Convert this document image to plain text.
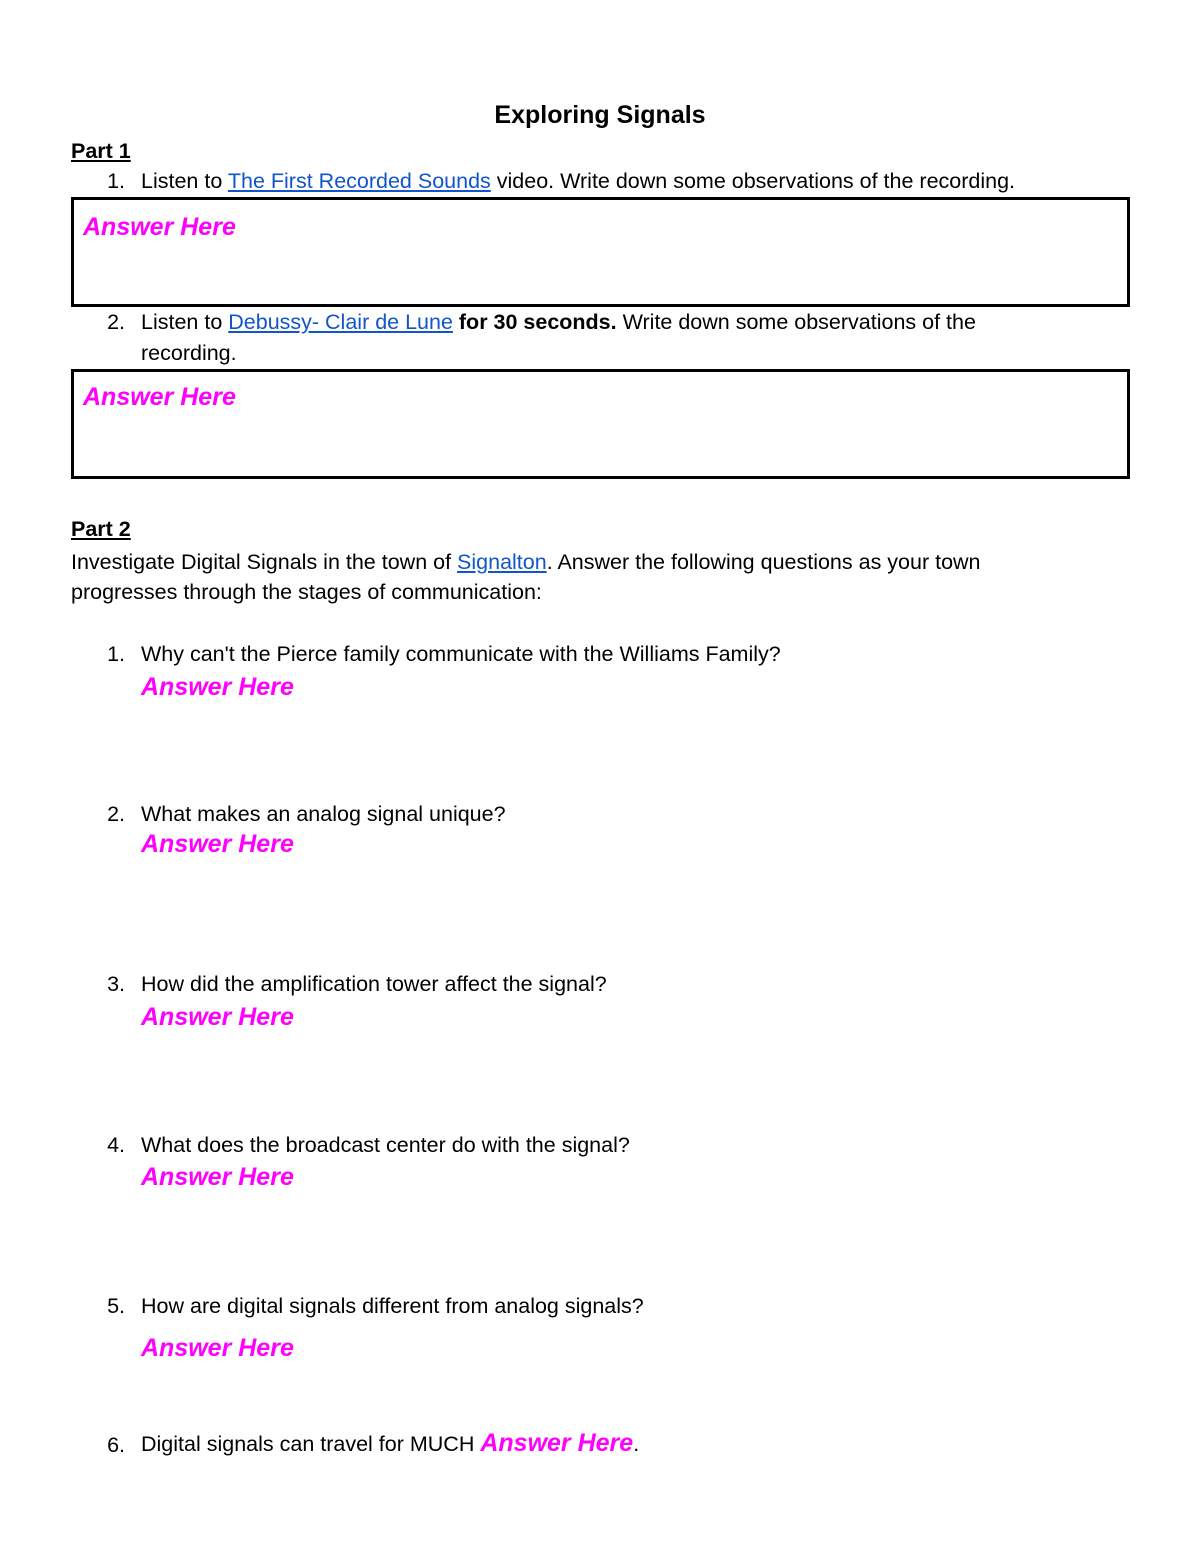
Exploring Signals
Part 1
1. Listen to The First Recorded Sounds video. Write down some observations of the recording.
Answer Here
2. Listen to Debussy- Clair de Lune for 30 seconds. Write down some observations of the
recording.
Answer Here
Part 2
Investigate Digital Signals in the town of Signalton. Answer the following questions as your town
progresses through the stages of communication:
1. Why can't the Pierce family communicate with the Williams Family?
Answer Here
2. What makes an analog signal unique?
Answer Here
3. How did the amplification tower affect the signal?
Answer Here
4. What does the broadcast center do with the signal?
Answer Here
5. How are digital signals different from analog signals?
Answer Here
6. Digital signals can travel for MUCH Answer Here.
